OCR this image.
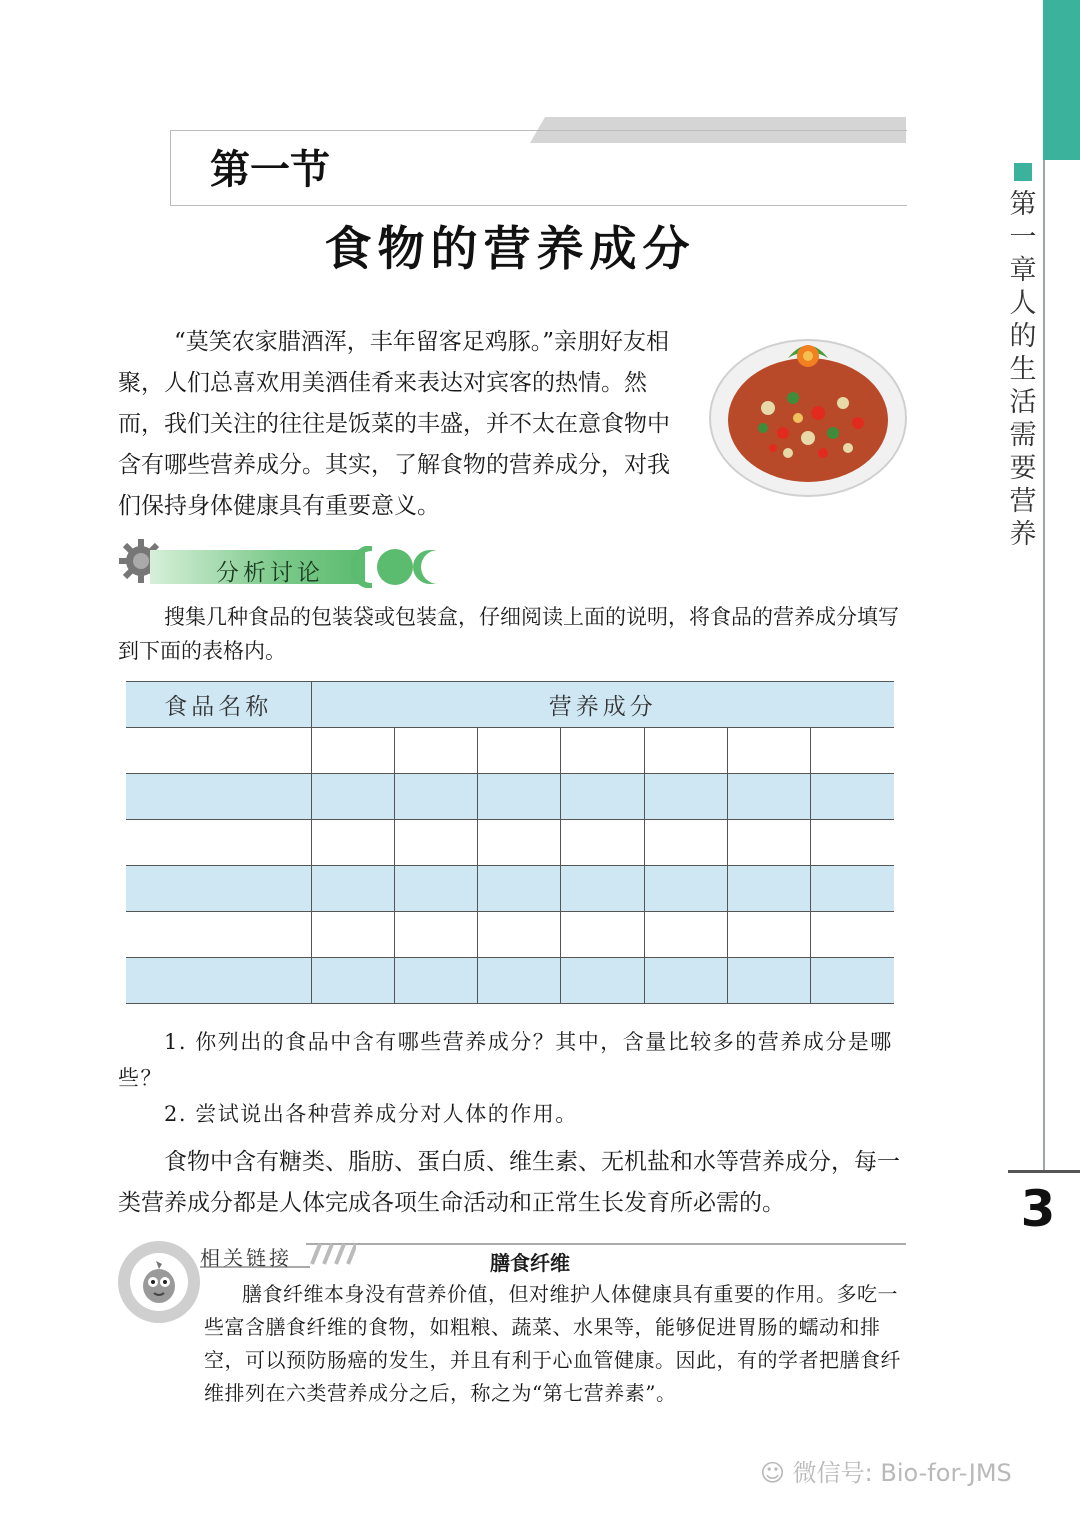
第一章 人的生活需要营养
3
第一节
食物的营养成分

“莫笑农家腊酒浑，丰年留客足鸡豚。”亲朋好友相聚，人们总喜欢用美酒佳肴来表达对宾客的热情。然而，我们关注的往往是饭菜的丰盛，并不太在意食物中含有哪些营养成分。其实，了解食物的营养成分，对我们保持身体健康具有重要意义。

分析讨论

搜集几种食品的包装袋或包装盒，仔细阅读上面的说明，将食品的营养成分填写到下面的表格内。

食品名称	营养成分						

1. 你列出的食品中含有哪些营养成分？其中，含量比较多的营养成分是哪些？

2. 尝试说出各种营养成分对人体的作用。

食物中含有糖类、脂肪、蛋白质、维生素、无机盐和水等营养成分，每一类营养成分都是人体完成各项生命活动和正常生长发育所必需的。

相关链接	膳食纤维

膳食纤维本身没有营养价值，但对维护人体健康具有重要的作用。多吃一些富含膳食纤维的食物，如粗粮、蔬菜、水果等，能够促进胃肠的蠕动和排空，可以预防肠癌的发生，并且有利于心血管健康。因此，有的学者把膳食纤维排列在六类营养成分之后，称之为“第七营养素”。

☺ 微信号: Bio-for-JMS
